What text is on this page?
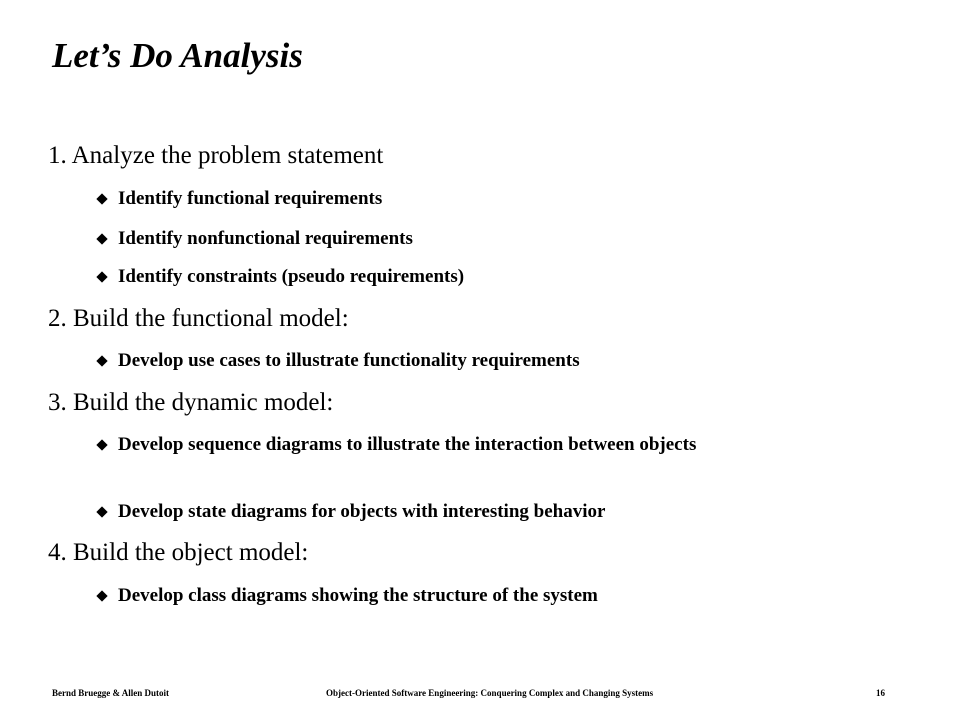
Let’s Do Analysis
1. Analyze the problem statement
Identify functional requirements
Identify nonfunctional requirements
Identify constraints (pseudo requirements)
2. Build the functional model:
Develop use cases to illustrate functionality requirements
3. Build the dynamic model:
Develop sequence diagrams to illustrate the interaction between objects
Develop state diagrams for objects with interesting behavior
4. Build the object model:
Develop class diagrams showing the structure of the system
Bernd Bruegge & Allen Dutoit	Object-Oriented Software Engineering: Conquering Complex and Changing Systems	16
